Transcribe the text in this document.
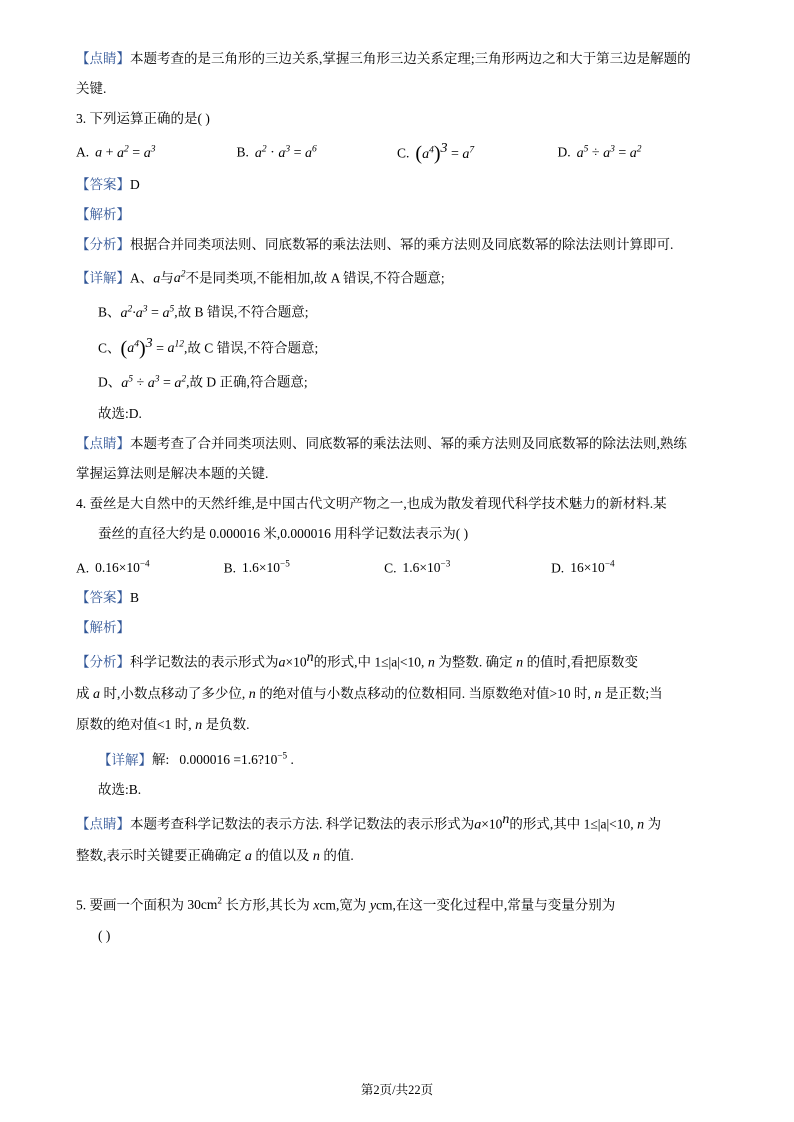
【点睛】本题考查的是三角形的三边关系,掌握三角形三边关系定理;三角形两边之和大于第三边是解题的

关键.

3. 下列运算正确的是( )

A. $a + a^2 = a^3$	B. $a^2 \cdot a^3 = a^6$	C. $(a^4)^3 = a^7$	D. $a^5 \div a^3 = a^2$

【答案】D

【解析】

【分析】根据合并同类项法则、同底数幂的乘法法则、幂的乘方法则及同底数幂的除法法则计算即可.

【详解】A、a与$a^2$不是同类项,不能相加,故 A 错误,不符合题意;

B、$a^2\cdot a^3 = a^5$,故 B 错误,不符合题意;

C、$(a^4)^3 = a^{12}$,故 C 错误,不符合题意;

D、$a^5 \div a^3 = a^2$,故 D 正确,符合题意;

故选:D.

【点睛】本题考查了合并同类项法则、同底数幂的乘法法则、幂的乘方法则及同底数幂的除法法则,熟练

掌握运算法则是解决本题的关键.

4. 蚕丝是大自然中的天然纤维,是中国古代文明产物之一,也成为散发着现代科学技术魅力的新材料.某

蚕丝的直径大约是 0.000016 米,0.000016 用科学记数法表示为( )

A. $0.16\times 10^{-4}$	B. $1.6\times 10^{-5}$	C. $1.6\times 10^{-3}$	D. $16\times 10^{-4}$

【答案】B

【解析】

【分析】科学记数法的表示形式为$a\times 10^n$的形式,中 1≤|a|<10, n 为整数. 确定 n 的值时,看把原数变

成 a 时,小数点移动了多少位, n 的绝对值与小数点移动的位数相同. 当原数绝对值>10 时, n 是正数;当

原数的绝对值<1 时, n 是负数.

【详解】解:   $0.000016 =1.6?10^{-5}$ .

故选:B.

【点睛】本题考查科学记数法的表示方法. 科学记数法的表示形式为$a\times 10^n$的形式,其中 1≤|a|<10, n 为

整数,表示时关键要正确确定 a 的值以及 n 的值.

5. 要画一个面积为 $30cm^2$ 长方形,其长为 xcm,宽为 ycm,在这一变化过程中,常量与变量分别为

( )

第2页/共22页
